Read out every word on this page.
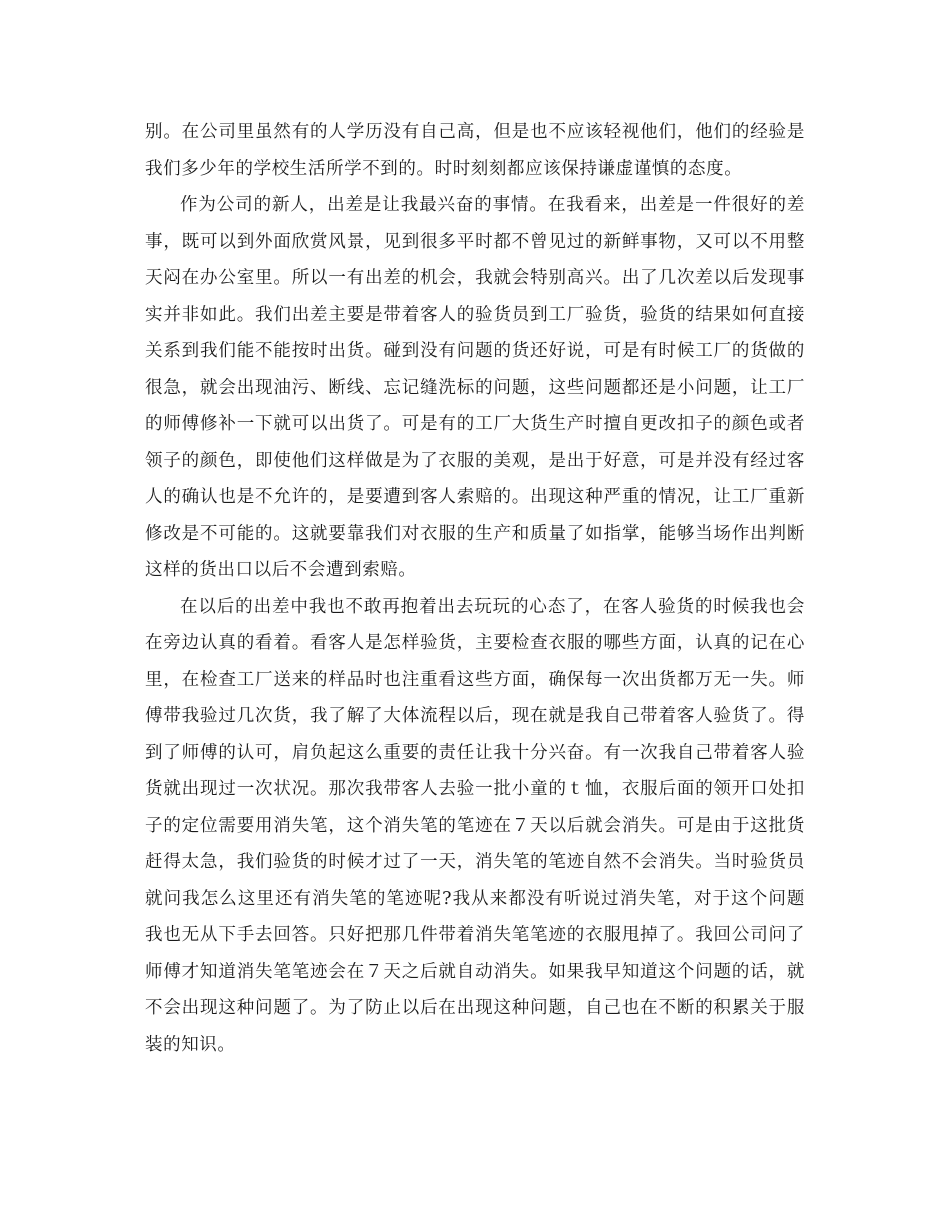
别。在公司里虽然有的人学历没有自己高，但是也不应该轻视他们，他们的经验是我们多少年的学校生活所学不到的。时时刻刻都应该保持谦虚谨慎的态度。

作为公司的新人，出差是让我最兴奋的事情。在我看来，出差是一件很好的差事，既可以到外面欣赏风景，见到很多平时都不曾见过的新鲜事物，又可以不用整天闷在办公室里。所以一有出差的机会，我就会特别高兴。出了几次差以后发现事实并非如此。我们出差主要是带着客人的验货员到工厂验货，验货的结果如何直接关系到我们能不能按时出货。碰到没有问题的货还好说，可是有时候工厂的货做的很急，就会出现油污、断线、忘记缝洗标的问题，这些问题都还是小问题，让工厂的师傅修补一下就可以出货了。可是有的工厂大货生产时擅自更改扣子的颜色或者领子的颜色，即使他们这样做是为了衣服的美观，是出于好意，可是并没有经过客人的确认也是不允许的，是要遭到客人索赔的。出现这种严重的情况，让工厂重新修改是不可能的。这就要靠我们对衣服的生产和质量了如指掌，能够当场作出判断这样的货出口以后不会遭到索赔。

在以后的出差中我也不敢再抱着出去玩玩的心态了，在客人验货的时候我也会在旁边认真的看着。看客人是怎样验货，主要检查衣服的哪些方面，认真的记在心里，在检查工厂送来的样品时也注重看这些方面，确保每一次出货都万无一失。师傅带我验过几次货，我了解了大体流程以后，现在就是我自己带着客人验货了。得到了师傅的认可，肩负起这么重要的责任让我十分兴奋。有一次我自己带着客人验货就出现过一次状况。那次我带客人去验一批小童的ｔ恤，衣服后面的领开口处扣子的定位需要用消失笔，这个消失笔的笔迹在７天以后就会消失。可是由于这批货赶得太急，我们验货的时候才过了一天，消失笔的笔迹自然不会消失。当时验货员就问我怎么这里还有消失笔的笔迹呢?我从来都没有听说过消失笔，对于这个问题我也无从下手去回答。只好把那几件带着消失笔笔迹的衣服甩掉了。我回公司问了师傅才知道消失笔笔迹会在７天之后就自动消失。如果我早知道这个问题的话，就不会出现这种问题了。为了防止以后在出现这种问题，自己也在不断的积累关于服装的知识。
